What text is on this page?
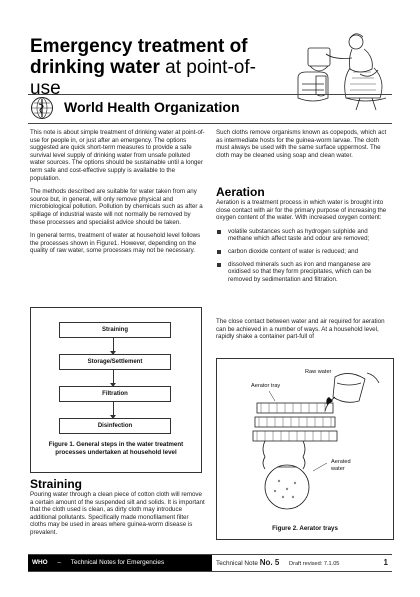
Emergency treatment of
drinking water at point-of-use
World Health Organization

This note is about simple treatment of drinking water at point-of-use for people in, or just after an emergency. The options suggested are quick short-term measures to provide a safe survival level supply of drinking water from unsafe polluted water sources. The options should be sustainable until a longer term safe and cost-effective supply is available to the population.

The methods described are suitable for water taken from any source but, in general, will only remove physical and microbiological pollution. Pollution by chemicals such as after a spillage of industrial waste will not normally be removed by these processes and specialist advice should be taken.

In general terms, treatment of water at household level follows the processes shown in Figure1. However, depending on the quality of raw water, some processes may not be necessary.

Straining
Storage/Settlement
Filtration
Disinfection
Figure 1. General steps in the water treatment processes undertaken at household level
Straining
Pouring water through a clean piece of cotton cloth will remove a certain amount of the suspended silt and solids. It is important that the cloth used is clean, as dirty cloth may introduce additional pollutants. Specifically made monofilament filter cloths may be used in areas where guinea-worm disease is prevalent.
Such cloths remove organisms known as copepods, which act as intermediate hosts for the guinea-worm larvae. The cloth must always be used with the same surface uppermost. The cloth may be cleaned using soap and clean water.
Aeration

Aeration is a treatment process in which water is brought into close contact with air for the primary purpose of increasing the oxygen content of the water. With increased oxygen content:

volatile substances such as hydrogen sulphide and methane which affect taste and odour are removed;
carbon dioxide content of water is reduced; and
dissolved minerals such as iron and manganese are oxidised so that they form precipitates, which can be removed by sedimentation and filtration.
The close contact between water and air required for aeration can be achieved in a number of ways. At a household level, rapidly shake a container part-full of
Raw water
Aerator tray
Aerated water
Figure 2. Aerator trays
WHO – Technical Notes for Emergencies	Technical Note No. 5 Draft revised: 7.1.05	1
